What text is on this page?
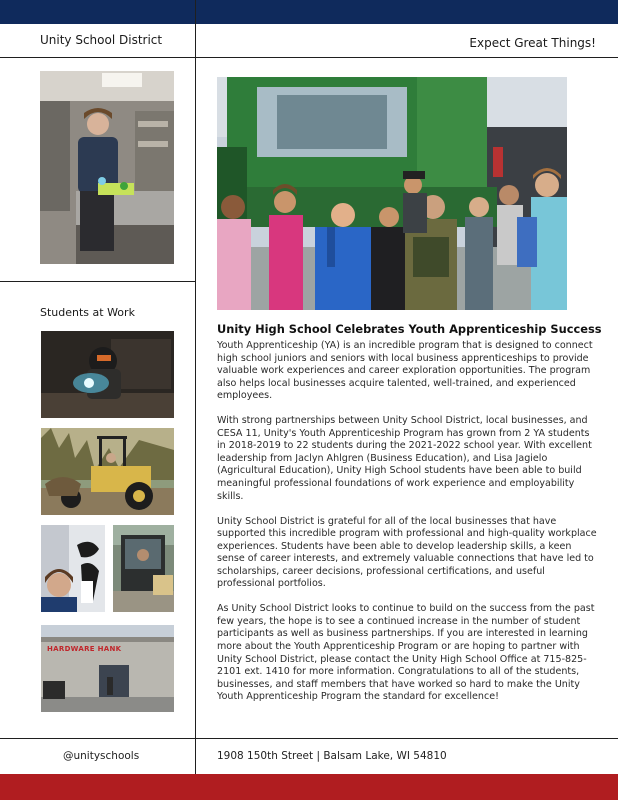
Unity School District	Expect Great Things!
Students at Work
HARDWARE HANK
Unity High School Celebrates Youth Apprenticeship Success

Youth Apprenticeship (YA) is an incredible program that is designed to connect high school juniors and seniors with local business apprenticeships to provide valuable work experiences and career exploration opportunities. The program also helps local businesses acquire talented, well-trained, and experienced employees.

With strong partnerships between Unity School District, local businesses, and CESA 11, Unity's Youth Apprenticeship Program has grown from 2 YA students in 2018-2019 to 22 students during the 2021-2022 school year. With excellent leadership from Jaclyn Ahlgren (Business Education), and Lisa Jagielo (Agricultural Education), Unity High School students have been able to build meaningful professional foundations of work experience and employability skills.

Unity School District is grateful for all of the local businesses that have supported this incredible program with professional and high-quality workplace experiences. Students have been able to develop leadership skills, a keen sense of career interests, and extremely valuable connections that have led to scholarships, career decisions, professional certifications, and useful professional portfolios.

As Unity School District looks to continue to build on the success from the past few years, the hope is to see a continued increase in the number of student participants as well as business partnerships. If you are interested in learning more about the Youth Apprenticeship Program or are hoping to partner with Unity School District, please contact the Unity High School Office at 715-825-2101 ext. 1410 for more information. Congratulations to all of the students, businesses, and staff members that have worked so hard to make the Unity Youth Apprenticeship Program the standard for excellence!

@unityschools	1908 150th Street | Balsam Lake, WI 54810
